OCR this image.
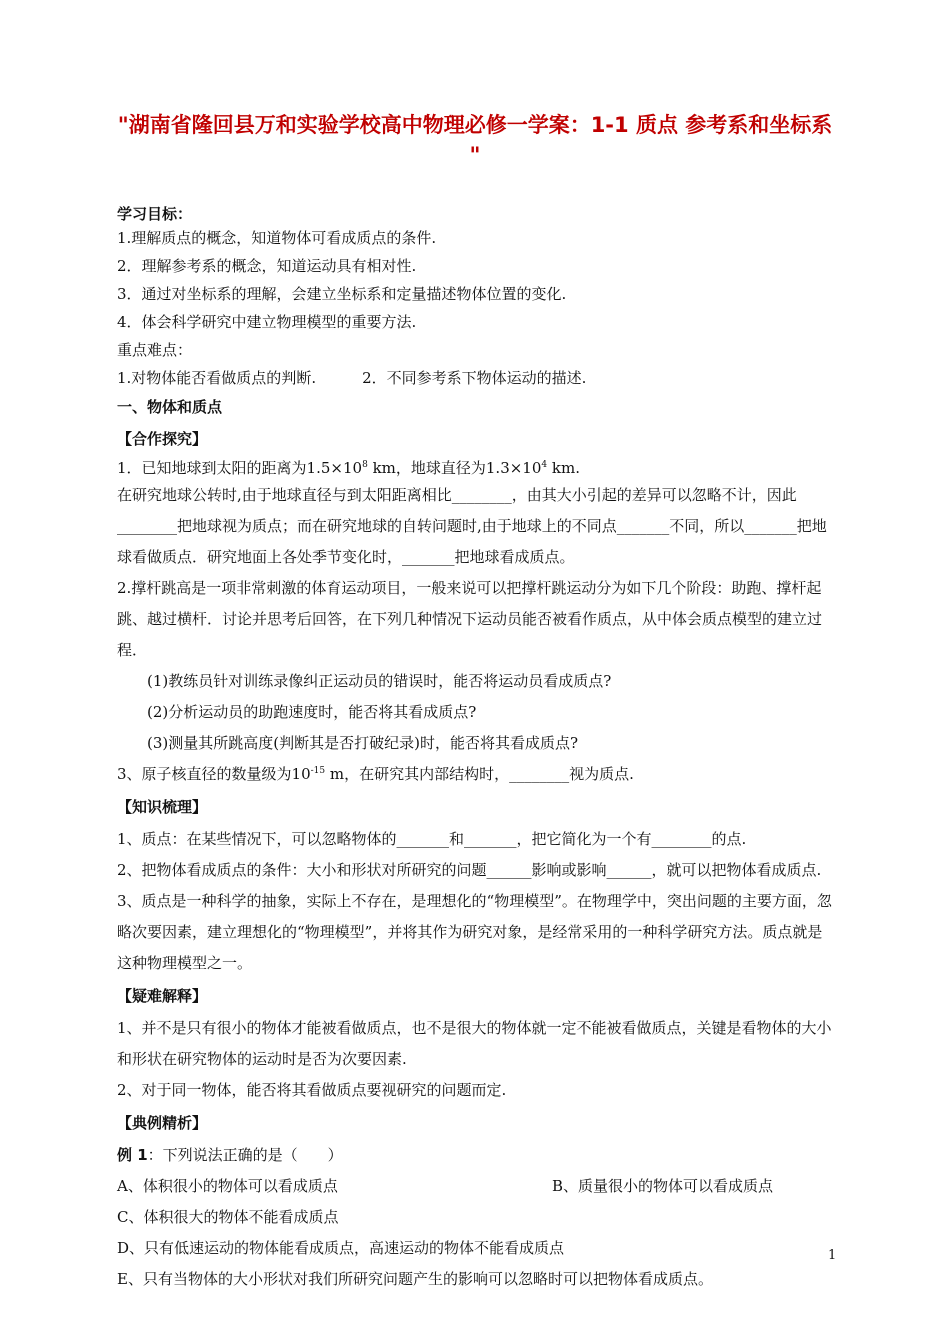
"湖南省隆回县万和实验学校高中物理必修一学案：1-1 质点 参考系和坐标系 "

学习目标：

1.理解质点的概念，知道物体可看成质点的条件.

2．理解参考系的概念，知道运动具有相对性.

3．通过对坐标系的理解，会建立坐标系和定量描述物体位置的变化.

4．体会科学研究中建立物理模型的重要方法.

重点难点：

1.对物体能否看做质点的判断.	2．不同参考系下物体运动的描述.

一、物体和质点

【合作探究】

1．已知地球到太阳的距离为$1.5\times 10^8$ km，地球直径为$1.3\times 10^4$ km.

在研究地球公转时,由于地球直径与到太阳距离相比________，由其大小引起的差异可以忽略不计，因此________把地球视为质点；而在研究地球的自转问题时,由于地球上的不同点_______不同，所以_______把地球看做质点．研究地面上各处季节变化时，_______把地球看成质点。

2.撑杆跳高是一项非常刺激的体育运动项目，一般来说可以把撑杆跳运动分为如下几个阶段：助跑、撑杆起跳、越过横杆．讨论并思考后回答，在下列几种情况下运动员能否被看作质点，从中体会质点模型的建立过程．

(1)教练员针对训练录像纠正运动员的错误时，能否将运动员看成质点?

(2)分析运动员的助跑速度时，能否将其看成质点?

(3)测量其所跳高度(判断其是否打破纪录)时，能否将其看成质点?

3、原子核直径的数量级为$10^{-15}$ m，在研究其内部结构时，________视为质点.

【知识梳理】

1、质点：在某些情况下，可以忽略物体的_______和_______，把它简化为一个有________的点.

2、把物体看成质点的条件：大小和形状对所研究的问题______影响或影响______，就可以把物体看成质点.

3、质点是一种科学的抽象，实际上不存在，是理想化的“物理模型”。在物理学中，突出问题的主要方面，忽略次要因素，建立理想化的“物理模型”，并将其作为研究对象，是经常采用的一种科学研究方法。质点就是这种物理模型之一。

【疑难解释】

1、并不是只有很小的物体才能被看做质点，也不是很大的物体就一定不能被看做质点，关键是看物体的大小和形状在研究物体的运动时是否为次要因素.

2、对于同一物体，能否将其看做质点要视研究的问题而定.

【典例精析】

例 1：下列说法正确的是（　　）

A、体积很小的物体可以看成质点	B、质量很小的物体可以看成质点

C、体积很大的物体不能看成质点

D、只有低速运动的物体能看成质点，高速运动的物体不能看成质点

E、只有当物体的大小形状对我们所研究问题产生的影响可以忽略时可以把物体看成质点。

1
